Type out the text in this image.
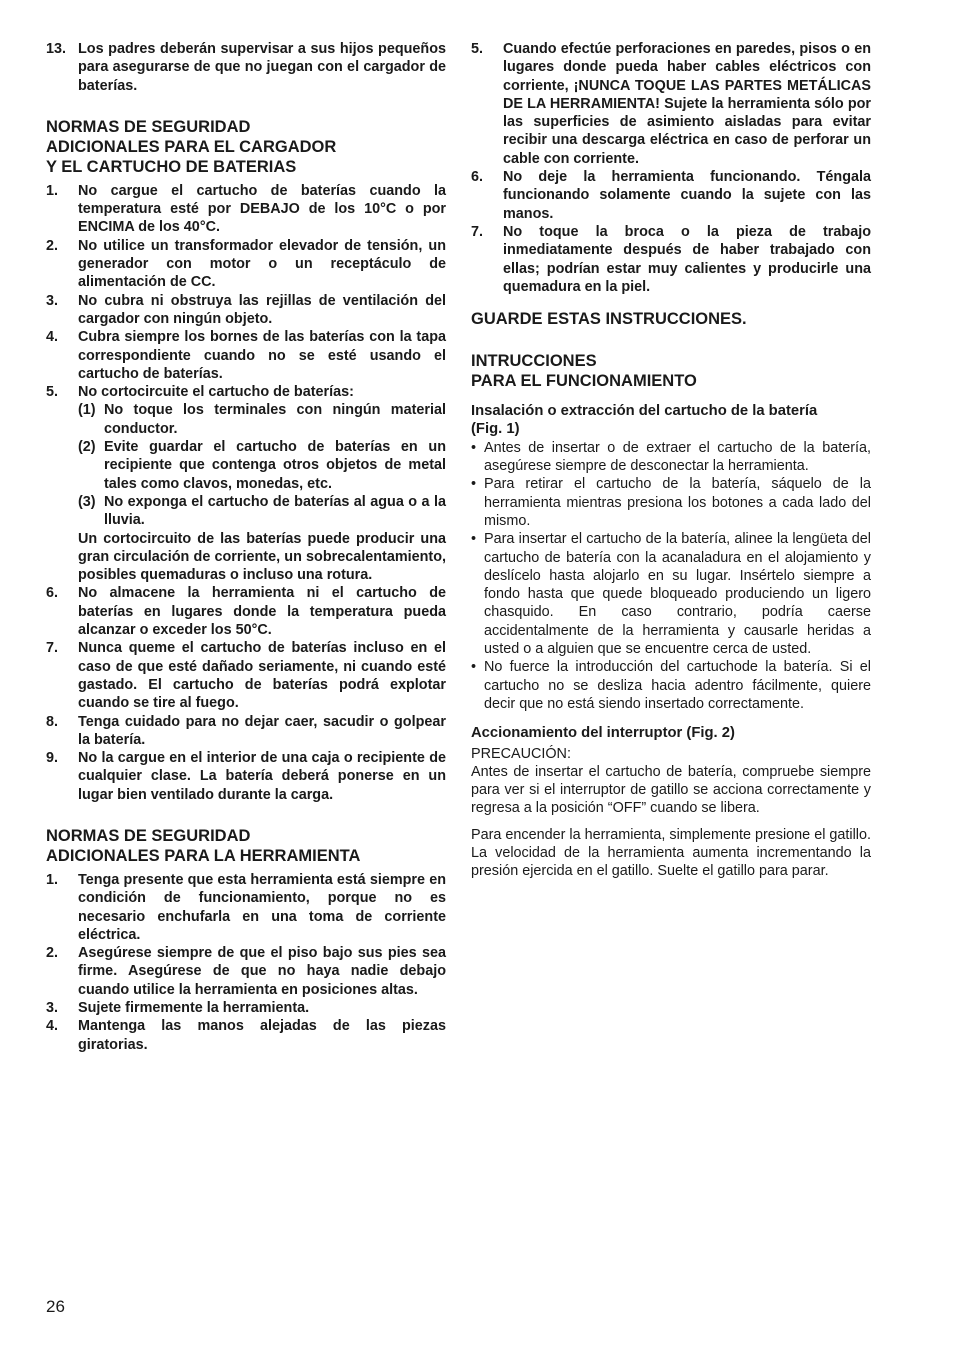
13. Los padres deberán supervisar a sus hijos pequeños para asegurarse de que no juegan con el cargador de baterías.
NORMAS DE SEGURIDAD
ADICIONALES PARA EL CARGADOR
Y EL CARTUCHO DE BATERIAS
1.	No cargue el cartucho de baterías cuando la temperatura esté por DEBAJO de los 10°C o por ENCIMA de los 40°C.
2.	No utilice un transformador elevador de tensión, un generador con motor o un receptáculo de alimentación de CC.
3.	No cubra ni obstruya las rejillas de ventilación del cargador con ningún objeto.
4.	Cubra siempre los bornes de las baterías con la tapa correspondiente cuando no se esté usando el cartucho de baterías.
5.	No cortocircuite el cartucho de baterías:
(1) No toque los terminales con ningún material conductor.
(2) Evite guardar el cartucho de baterías en un recipiente que contenga otros objetos de metal tales como clavos, monedas, etc.
(3) No exponga el cartucho de baterías al agua o a la lluvia.

Un cortocircuito de las baterías puede producir una gran circulación de corriente, un sobrecalentamiento, posibles quemaduras o incluso una rotura.

6.	No almacene la herramienta ni el cartucho de baterías en lugares donde la temperatura pueda alcanzar o exceder los 50°C.
7.	Nunca queme el cartucho de baterías incluso en el caso de que esté dañado seriamente, ni cuando esté gastado. El cartucho de baterías podrá explotar cuando se tire al fuego.
8.	Tenga cuidado para no dejar caer, sacudir o golpear la batería.
9.	No la cargue en el interior de una caja o recipiente de cualquier clase. La batería deberá ponerse en un lugar bien ventilado durante la carga.
NORMAS DE SEGURIDAD
ADICIONALES PARA LA HERRAMIENTA
1.	Tenga presente que esta herramienta está siempre en condición de funcionamiento, porque no es necesario enchufarla en una toma de corriente eléctrica.
2.	Asegúrese siempre de que el piso bajo sus pies sea firme. Asegúrese de que no haya nadie debajo cuando utilice la herramienta en posiciones altas.
3.	Sujete firmemente la herramienta.
4.	Mantenga las manos alejadas de las piezas giratorias.
5.	Cuando efectúe perforaciones en paredes, pisos o en lugares donde pueda haber cables eléctricos con corriente, ¡NUNCA TOQUE LAS PARTES METÁLICAS DE LA HERRAMIENTA! Sujete la herramienta sólo por las superficies de asimiento aisladas para evitar recibir una descarga eléctrica en caso de perforar un cable con corriente.
6.	No deje la herramienta funcionando. Téngala funcionando solamente cuando la sujete con las manos.
7.	No toque la broca o la pieza de trabajo inmediatamente después de haber trabajado con ellas; podrían estar muy calientes y producirle una quemadura en la piel.
GUARDE ESTAS INSTRUCCIONES.
INTRUCCIONES
PARA EL FUNCIONAMIENTO
Insalación o extracción del cartucho de la batería
(Fig. 1)
• Antes de insertar o de extraer el cartucho de la batería, asegúrese siempre de desconectar la herramienta.
• Para retirar el cartucho de la batería, sáquelo de la herramienta mientras presiona los botones a cada lado del mismo.
• Para insertar el cartucho de la batería, alinee la lengüeta del cartucho de batería con la acanaladura en el alojamiento y deslícelo hasta alojarlo en su lugar. Insértelo siempre a fondo hasta que quede bloqueado produciendo un ligero chasquido. En caso contrario, podría caerse accidentalmente de la herramienta y causarle heridas a usted o a alguien que se encuentre cerca de usted.
• No fuerce la introducción del cartuchode la batería. Si el cartucho no se desliza hacia adentro fácilmente, quiere decir que no está siendo insertado correctamente.
Accionamiento del interruptor (Fig. 2)

PRECAUCIÓN:

Antes de insertar el cartucho de batería, compruebe siempre para ver si el interruptor de gatillo se acciona correctamente y regresa a la posición “OFF” cuando se libera.

Para encender la herramienta, simplemente presione el gatillo. La velocidad de la herramienta aumenta incrementando la presión ejercida en el gatillo. Suelte el gatillo para parar.

26
